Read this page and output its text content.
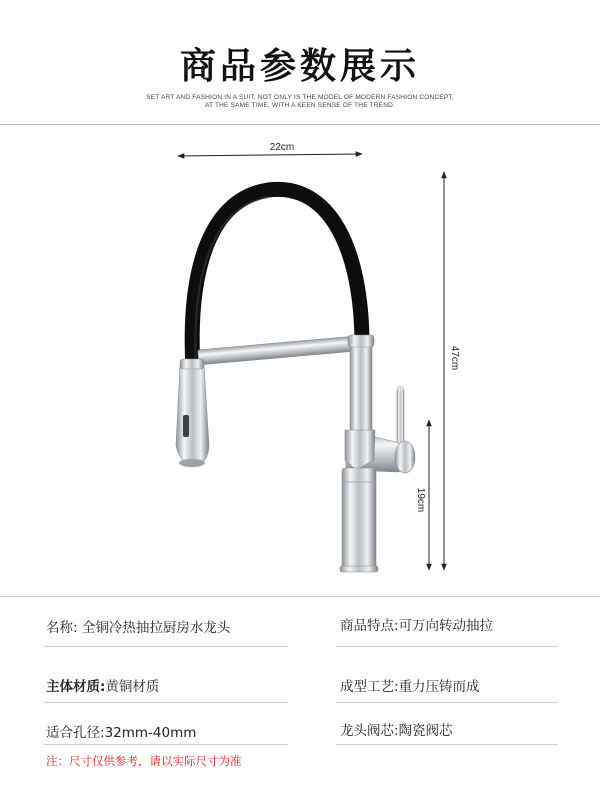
商品参数展示
SET ART AND FASHION IN A SUIT, NOT ONLY IS THE MODEL OF MODERN FASHION CONCEPT,
AT THE SAME TIME, WITH A KEEN SENSE OF THE TREND.
22cm
47cm
19cm
名称: 全铜冷热抽拉厨房水龙头	商品特点:可万向转动抽拉
主体材质:黄铜材质	成型工艺:重力压铸而成
适合孔径:32mm-40mm	龙头阀芯:陶瓷阀芯
注：尺寸仅供参考，请以实际尺寸为准
